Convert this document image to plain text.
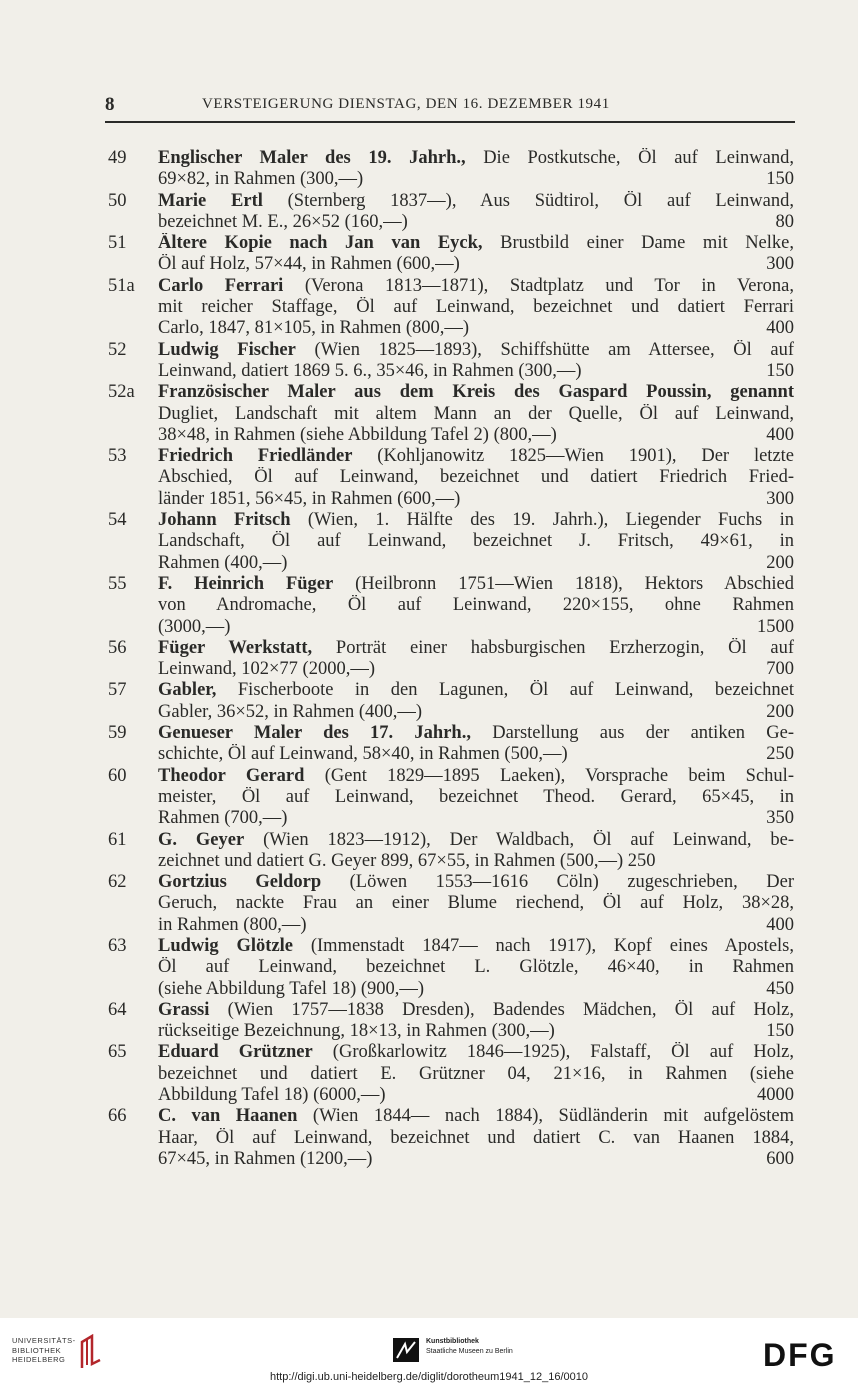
8	VERSTEIGERUNG DIENSTAG, DEN 16. DEZEMBER 1941
49	Englischer Maler des 19. Jahrh., Die Postkutsche, Öl auf Leinwand,
69×82, in Rahmen (300,—)	150
50	Marie Ertl (Sternberg 1837—), Aus Südtirol, Öl auf Leinwand,
bezeichnet M. E., 26×52 (160,—)	80
51	Ältere Kopie nach Jan van Eyck, Brustbild einer Dame mit Nelke,
Öl auf Holz, 57×44, in Rahmen (600,—)	300
51a	Carlo Ferrari (Verona 1813—1871), Stadtplatz und Tor in Verona,
mit reicher Staffage, Öl auf Leinwand, bezeichnet und datiert Ferrari
Carlo, 1847, 81×105, in Rahmen (800,—)	400
52	Ludwig Fischer (Wien 1825—1893), Schiffshütte am Attersee, Öl auf
Leinwand, datiert 1869 5. 6., 35×46, in Rahmen (300,—)	150
52a	Französischer Maler aus dem Kreis des Gaspard Poussin, genannt
Dugliet, Landschaft mit altem Mann an der Quelle, Öl auf Leinwand,
38×48, in Rahmen (siehe Abbildung Tafel 2) (800,—)	400
53	Friedrich Friedländer (Kohljanowitz 1825—Wien 1901), Der letzte
Abschied, Öl auf Leinwand, bezeichnet und datiert Friedrich Fried-
länder 1851, 56×45, in Rahmen (600,—)	300
54	Johann Fritsch (Wien, 1. Hälfte des 19. Jahrh.), Liegender Fuchs in
Landschaft, Öl auf Leinwand, bezeichnet J. Fritsch, 49×61, in
Rahmen (400,—)	200
55	F. Heinrich Füger (Heilbronn 1751—Wien 1818), Hektors Abschied
von Andromache, Öl auf Leinwand, 220×155, ohne Rahmen
(3000,—)	1500
56	Füger Werkstatt, Porträt einer habsburgischen Erzherzogin, Öl auf
Leinwand, 102×77 (2000,—)	700
57	Gabler, Fischerboote in den Lagunen, Öl auf Leinwand, bezeichnet
Gabler, 36×52, in Rahmen (400,—)	200
59	Genueser Maler des 17. Jahrh., Darstellung aus der antiken Ge-
schichte, Öl auf Leinwand, 58×40, in Rahmen (500,—)	250
60	Theodor Gerard (Gent 1829—1895 Laeken), Vorsprache beim Schul-
meister, Öl auf Leinwand, bezeichnet Theod. Gerard, 65×45, in
Rahmen (700,—)	350
61	G. Geyer (Wien 1823—1912), Der Waldbach, Öl auf Leinwand, be-
zeichnet und datiert G. Geyer 899, 67×55, in Rahmen (500,—) 250
62	Gortzius Geldorp (Löwen 1553—1616 Cöln) zugeschrieben, Der
Geruch, nackte Frau an einer Blume riechend, Öl auf Holz, 38×28,
in Rahmen (800,—)	400
63	Ludwig Glötzle (Immenstadt 1847— nach 1917), Kopf eines Apostels,
Öl auf Leinwand, bezeichnet L. Glötzle, 46×40, in Rahmen
(siehe Abbildung Tafel 18) (900,—)	450
64	Grassi (Wien 1757—1838 Dresden), Badendes Mädchen, Öl auf Holz,
rückseitige Bezeichnung, 18×13, in Rahmen (300,—)	150
65	Eduard Grützner (Großkarlowitz 1846—1925), Falstaff, Öl auf Holz,
bezeichnet und datiert E. Grützner 04, 21×16, in Rahmen (siehe
Abbildung Tafel 18) (6000,—)	4000
66	C. van Haanen (Wien 1844— nach 1884), Südländerin mit aufgelöstem
Haar, Öl auf Leinwand, bezeichnet und datiert C. van Haanen 1884,
67×45, in Rahmen (1200,—)	600
UNIVERSITÄTS-
BIBLIOTHEK
HEIDELBERG
Kunstbibliothek
Staatliche Museen zu Berlin	DFG
http://digi.ub.uni-heidelberg.de/diglit/dorotheum1941_12_16/0010
